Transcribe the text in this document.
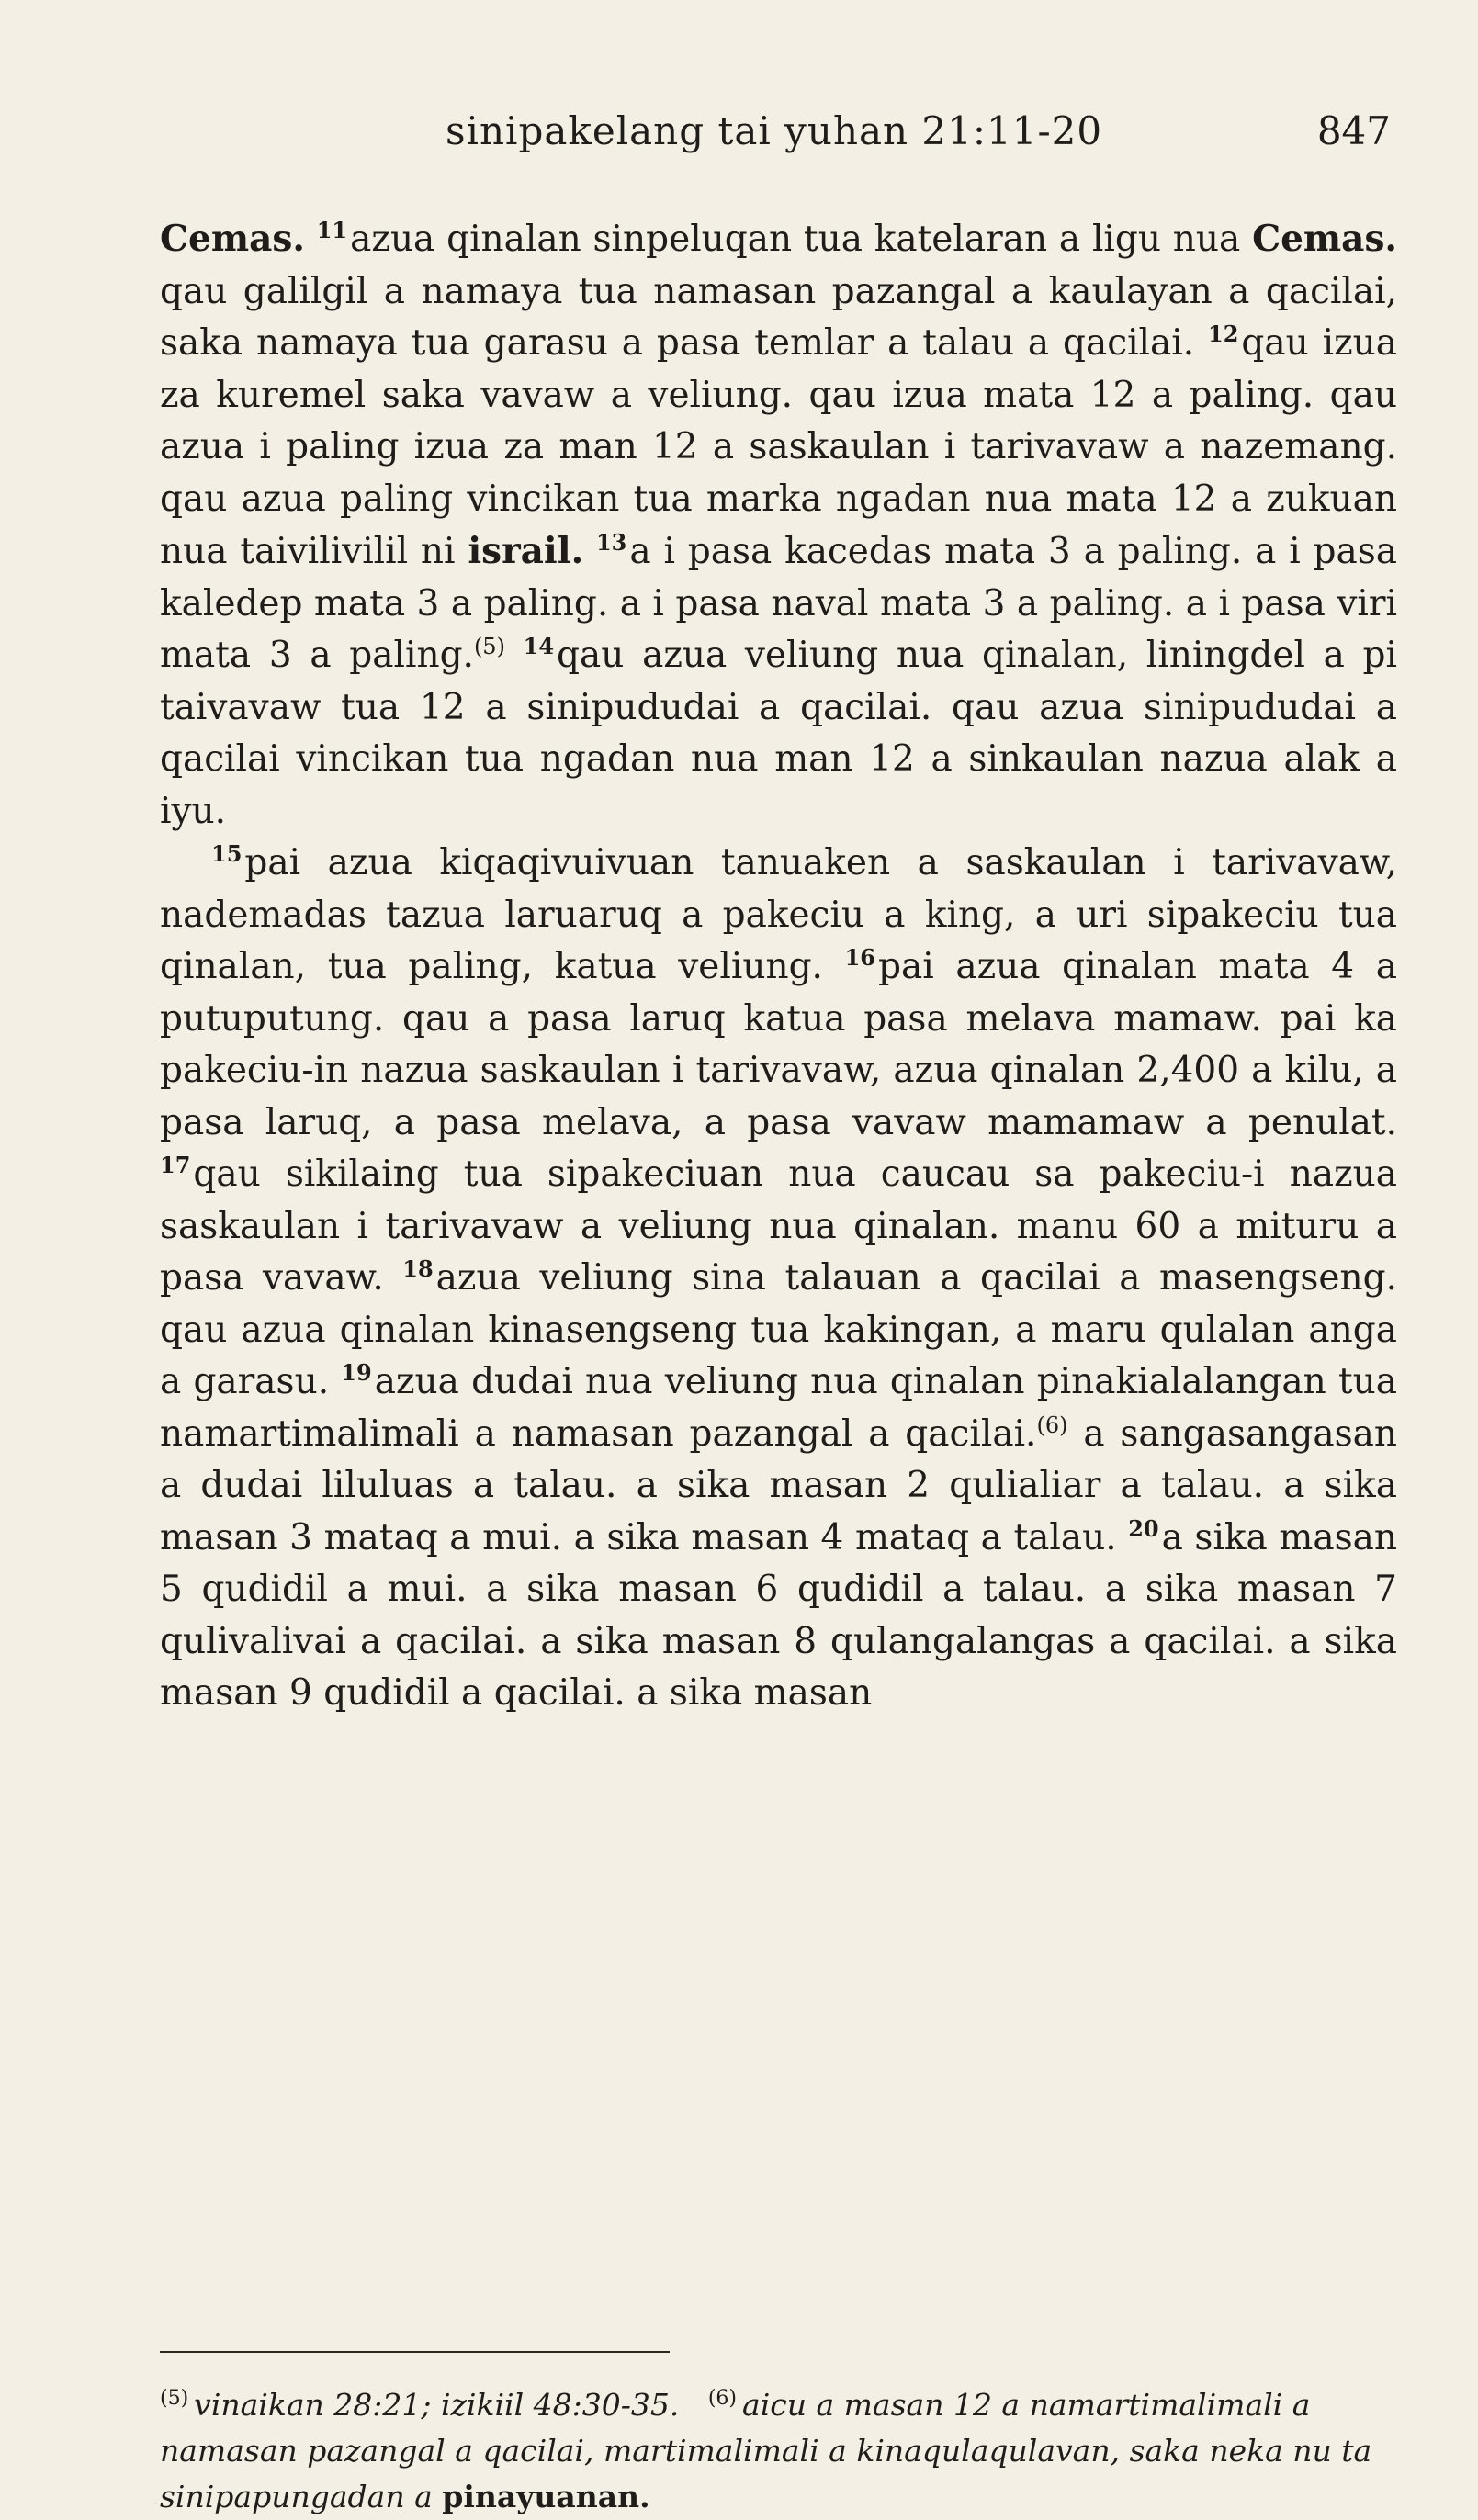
sinipakelang tai yuhan 21:11-20	847

Cemas. $^{11}$azua qinalan sinpeluqan tua katelaran a ligu nua Cemas. qau galilgil a namaya tua namasan pazangal a kaulayan a qacilai, saka namaya tua garasu a pasa temlar a talau a qacilai. $^{12}$qau izua za kuremel saka vavaw a veliung. qau izua mata 12 a paling. qau azua i paling izua za man 12 a saskaulan i tarivavaw a nazemang. qau azua paling vincikan tua marka ngadan nua mata 12 a zukuan nua taivilivilil ni israil. $^{13}$a i pasa kacedas mata 3 a paling. a i pasa kaledep mata 3 a paling. a i pasa naval mata 3 a paling. a i pasa viri mata 3 a paling.$^{(5)}$ $^{14}$qau azua veliung nua qinalan, liningdel a pi taivavaw tua 12 a sinipududai a qacilai. qau azua sinipududai a qacilai vincikan tua ngadan nua man 12 a sinkaulan nazua alak a iyu.

$^{15}$pai azua kiqaqivuivuan tanuaken a saskaulan i tarivavaw, nademadas tazua laruaruq a pakeciu a king, a uri sipakeciu tua qinalan, tua paling, katua veliung. $^{16}$pai azua qinalan mata 4 a putuputung. qau a pasa laruq katua pasa melava mamaw. pai ka pakeciu-in nazua saskaulan i tarivavaw, azua qinalan 2,400 a kilu, a pasa laruq, a pasa melava, a pasa vavaw mamamaw a penulat. $^{17}$qau sikilaing tua sipakeciuan nua caucau sa pakeciu-i nazua saskaulan i tarivavaw a veliung nua qinalan. manu 60 a mituru a pasa vavaw. $^{18}$azua veliung sina talauan a qacilai a masengseng. qau azua qinalan kinasengseng tua kakingan, a maru qulalan anga a garasu. $^{19}$azua dudai nua veliung nua qinalan pinakialalangan tua namartimalimali a namasan pazangal a qacilai.$^{(6)}$ a sangasangasan a dudai liluluas a talau. a sika masan 2 qulialiar a talau. a sika masan 3 mataq a mui. a sika masan 4 mataq a talau. $^{20}$a sika masan 5 qudidil a mui. a sika masan 6 qudidil a talau. a sika masan 7 qulivalivai a qacilai. a sika masan 8 qulangalangas a qacilai. a sika masan 9 qudidil a qacilai. a sika masan

$^{(5)}$ vinaikan 28:21; izikiil 48:30-35. $^{(6)}$ aicu a masan 12 a namartimalimali a namasan pazangal a qacilai, martimalimali a kinaqulaqulavan, saka neka nu ta sinipapungadan a pinayuanan.
